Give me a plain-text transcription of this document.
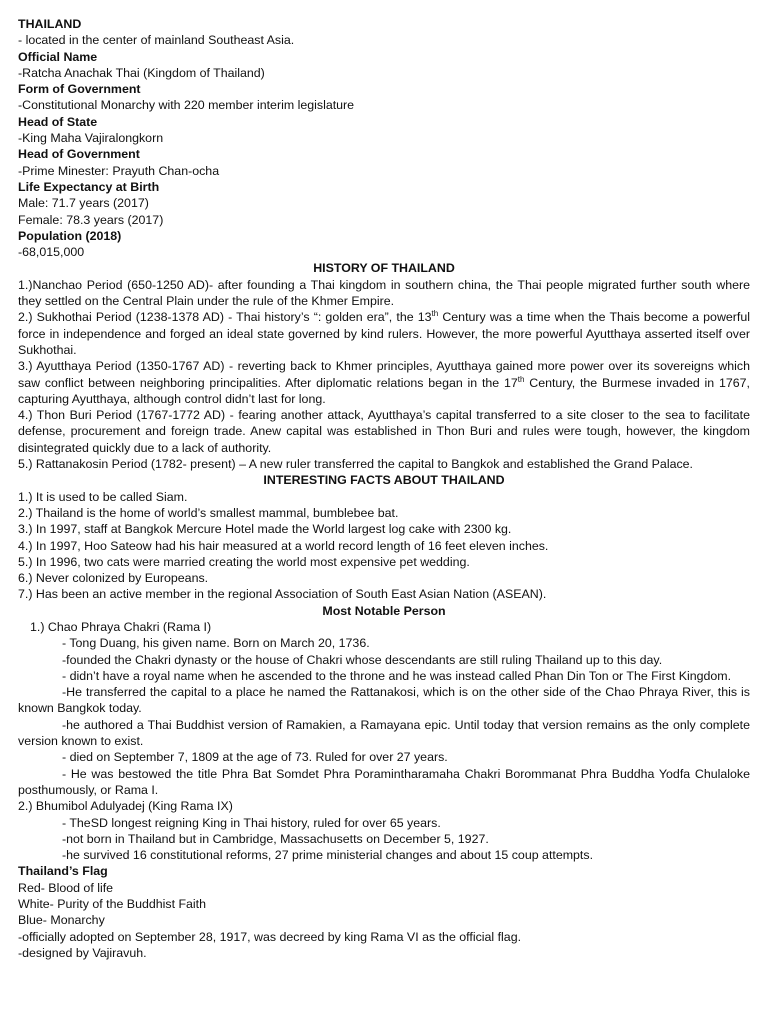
THAILAND
- located in the center of mainland Southeast Asia.
Official Name
-Ratcha Anachak Thai (Kingdom of Thailand)
Form of Government
-Constitutional Monarchy with 220 member interim legislature
Head of State
-King Maha Vajiralongkorn
Head of Government
-Prime Minester: Prayuth Chan-ocha
Life Expectancy at Birth
Male: 71.7 years (2017)
Female: 78.3 years (2017)
Population (2018)
-68,015,000
HISTORY OF THAILAND
1.)Nanchao Period (650-1250 AD)- after founding a Thai kingdom in southern china, the Thai people migrated further south where they settled on the Central Plain under the rule of the Khmer Empire.
2.) Sukhothai Period (1238-1378 AD) - Thai history’s “: golden era”, the 13th Century was a time when the Thais become a powerful force in independence and forged an ideal state governed by kind rulers. However, the more powerful Ayutthaya asserted itself over Sukhothai.
3.) Ayutthaya Period (1350-1767 AD) - reverting back to Khmer principles, Ayutthaya gained more power over its sovereigns which saw conflict between neighboring principalities. After diplomatic relations began in the 17th Century, the Burmese invaded in 1767, capturing Ayutthaya, although control didn’t last for long.
4.) Thon Buri Period (1767-1772 AD) - fearing another attack, Ayutthaya’s capital transferred to a site closer to the sea to facilitate defense, procurement and foreign trade. Anew capital was established in Thon Buri and rules were tough, however, the kingdom disintegrated quickly due to a lack of authority.
5.) Rattanakosin Period (1782- present) – A new ruler transferred the capital to Bangkok and established the Grand Palace.
INTERESTING FACTS ABOUT THAILAND
1.) It is used to be called Siam.
2.) Thailand is the home of world’s smallest mammal, bumblebee bat.
3.) In 1997, staff at Bangkok Mercure Hotel made the World largest log cake with 2300 kg.
4.) In 1997, Hoo Sateow had his hair measured at a world record length of 16 feet eleven inches.
5.) In 1996, two cats were married creating the world most expensive pet wedding.
6.) Never colonized by Europeans.
7.) Has been an active member in the regional Association of South East Asian Nation (ASEAN).
Most Notable Person
1.) Chao Phraya Chakri (Rama I)
- Tong Duang, his given name. Born on March 20, 1736.
-founded the Chakri dynasty or the house of Chakri whose descendants are still ruling Thailand up to this day.
- didn’t have a royal name when he ascended to the throne and he was instead called Phan Din Ton or The First Kingdom.
-He transferred the capital to a place he named the Rattanakosi, which is on the other side of the Chao Phraya River, this is known Bangkok today.
-he authored a Thai Buddhist version of Ramakien, a Ramayana epic. Until today that version remains as the only complete version known to exist.
- died on September 7, 1809 at the age of 73. Ruled for over 27 years.
- He was bestowed the title Phra Bat Somdet Phra Poramintharamaha Chakri Borommanat Phra Buddha Yodfa Chulaloke posthumously, or Rama I.
2.) Bhumibol Adulyadej (King Rama IX)
- TheSD longest reigning King in Thai history, ruled for over 65 years.
-not born in Thailand but in Cambridge, Massachusetts on December 5, 1927.
-he survived 16 constitutional reforms, 27 prime ministerial changes and about 15 coup attempts.
Thailand’s Flag
Red- Blood of life
White- Purity of the Buddhist Faith
Blue- Monarchy
-officially adopted on September 28, 1917, was decreed by king Rama VI as the official flag.
-designed by Vajiravuh.
